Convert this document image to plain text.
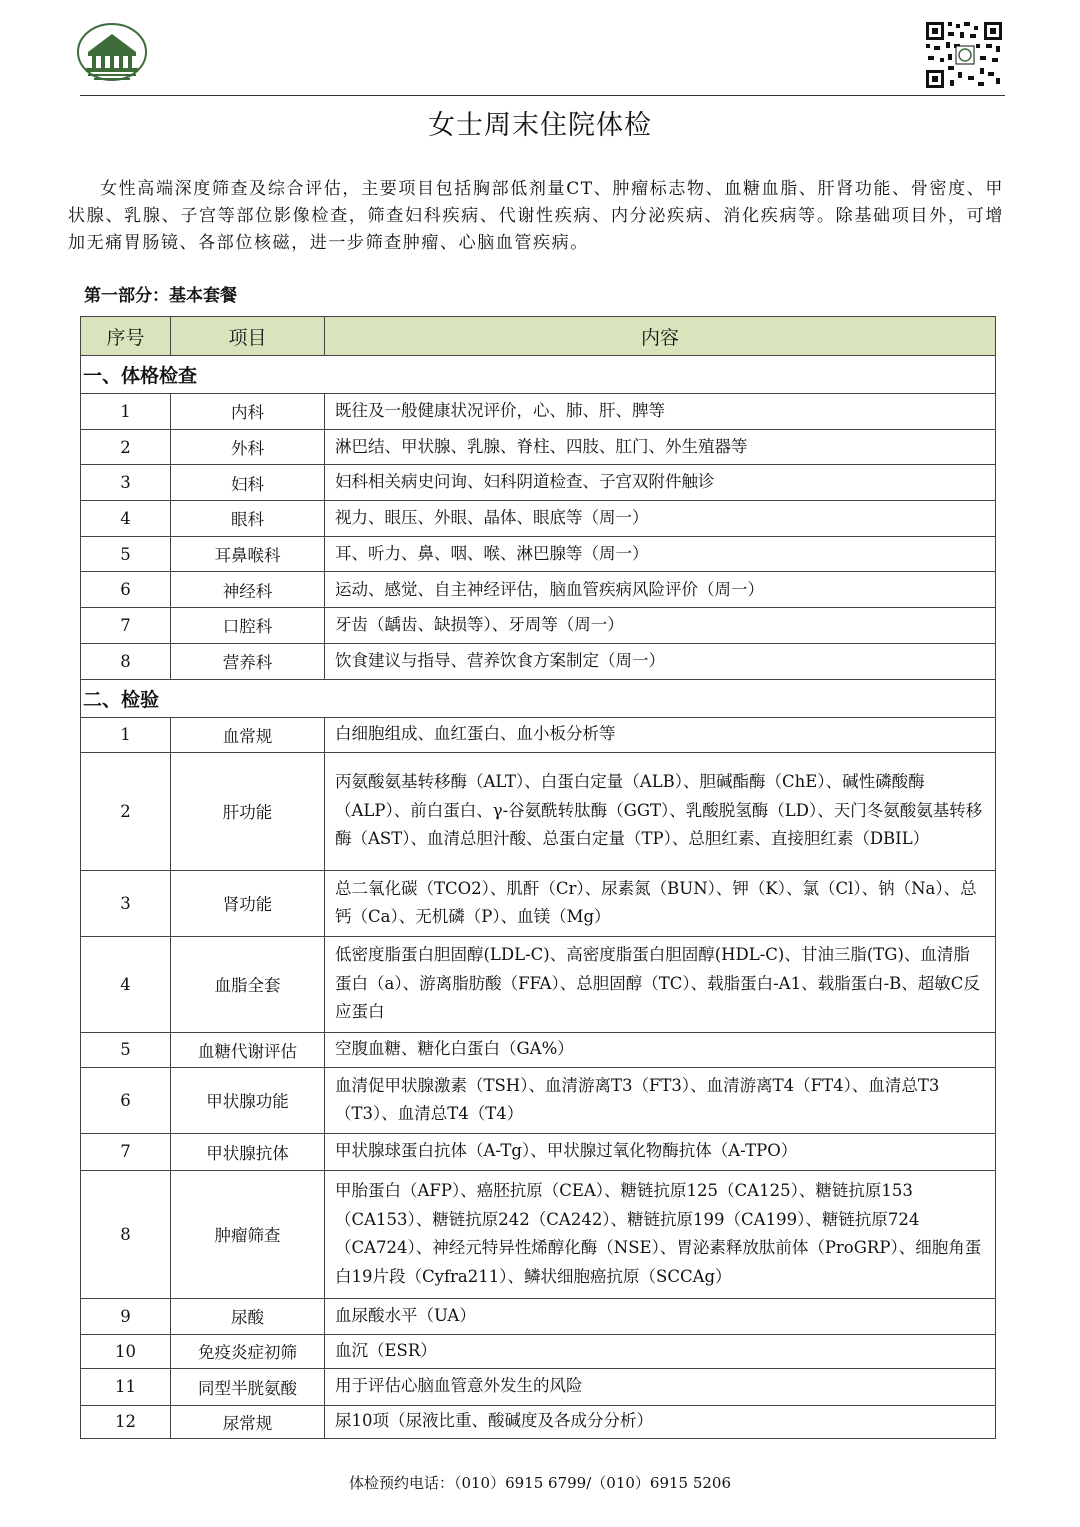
女士周末住院体检
女性高端深度筛查及综合评估，主要项目包括胸部低剂量CT、肿瘤标志物、血糖血脂、肝肾功能、骨密度、甲状腺、乳腺、子宫等部位影像检查，筛查妇科疾病、代谢性疾病、内分泌疾病、消化疾病等。除基础项目外，可增加无痛胃肠镜、各部位核磁，进一步筛查肿瘤、心脑血管疾病。
第一部分：基本套餐
序号	项目	内容
一、体格检查		
1	内科	既往及一般健康状况评价，心、肺、肝、脾等
2	外科	淋巴结、甲状腺、乳腺、脊柱、四肢、肛门、外生殖器等
3	妇科	妇科相关病史问询、妇科阴道检查、子宫双附件触诊
4	眼科	视力、眼压、外眼、晶体、眼底等（周一）
5	耳鼻喉科	耳、听力、鼻、咽、喉、淋巴腺等（周一）
6	神经科	运动、感觉、自主神经评估，脑血管疾病风险评价（周一）
7	口腔科	牙齿（龋齿、缺损等）、牙周等（周一）
8	营养科	饮食建议与指导、营养饮食方案制定（周一）
二、检验		
1	血常规	白细胞组成、血红蛋白、血小板分析等
2	肝功能	丙氨酸氨基转移酶（ALT）、白蛋白定量（ALB）、胆碱酯酶（ChE）、碱性磷酸酶（ALP）、前白蛋白、γ-谷氨酰转肽酶（GGT）、乳酸脱氢酶（LD）、天门冬氨酸氨基转移酶（AST）、血清总胆汁酸、总蛋白定量（TP）、总胆红素、直接胆红素（DBIL）
3	肾功能	总二氧化碳（TCO2）、肌酐（Cr）、尿素氮（BUN）、钾（K）、氯（Cl）、钠（Na）、总钙（Ca）、无机磷（P）、血镁（Mg）
4	血脂全套	低密度脂蛋白胆固醇(LDL-C)、高密度脂蛋白胆固醇(HDL-C)、甘油三脂(TG)、血清脂蛋白（a）、游离脂肪酸（FFA）、总胆固醇（TC）、载脂蛋白-A1、载脂蛋白-B、超敏C反应蛋白
5	血糖代谢评估	空腹血糖、糖化白蛋白（GA%）
6	甲状腺功能	血清促甲状腺激素（TSH）、血清游离T3（FT3）、血清游离T4（FT4）、血清总T3（T3）、血清总T4（T4）
7	甲状腺抗体	甲状腺球蛋白抗体（A-Tg）、甲状腺过氧化物酶抗体（A-TPO）
8	肿瘤筛查	甲胎蛋白（AFP）、癌胚抗原（CEA）、糖链抗原125（CA125）、糖链抗原153（CA153）、糖链抗原242（CA242）、糖链抗原199（CA199）、糖链抗原724（CA724）、神经元特异性烯醇化酶（NSE）、胃泌素释放肽前体（ProGRP）、细胞角蛋白19片段（Cyfra211）、鳞状细胞癌抗原（SCCAg）
9	尿酸	血尿酸水平（UA）
10	免疫炎症初筛	血沉（ESR）
11	同型半胱氨酸	用于评估心脑血管意外发生的风险
12	尿常规	尿10项（尿液比重、酸碱度及各成分分析）
体检预约电话：（010）6915 6799/（010）6915 5206
